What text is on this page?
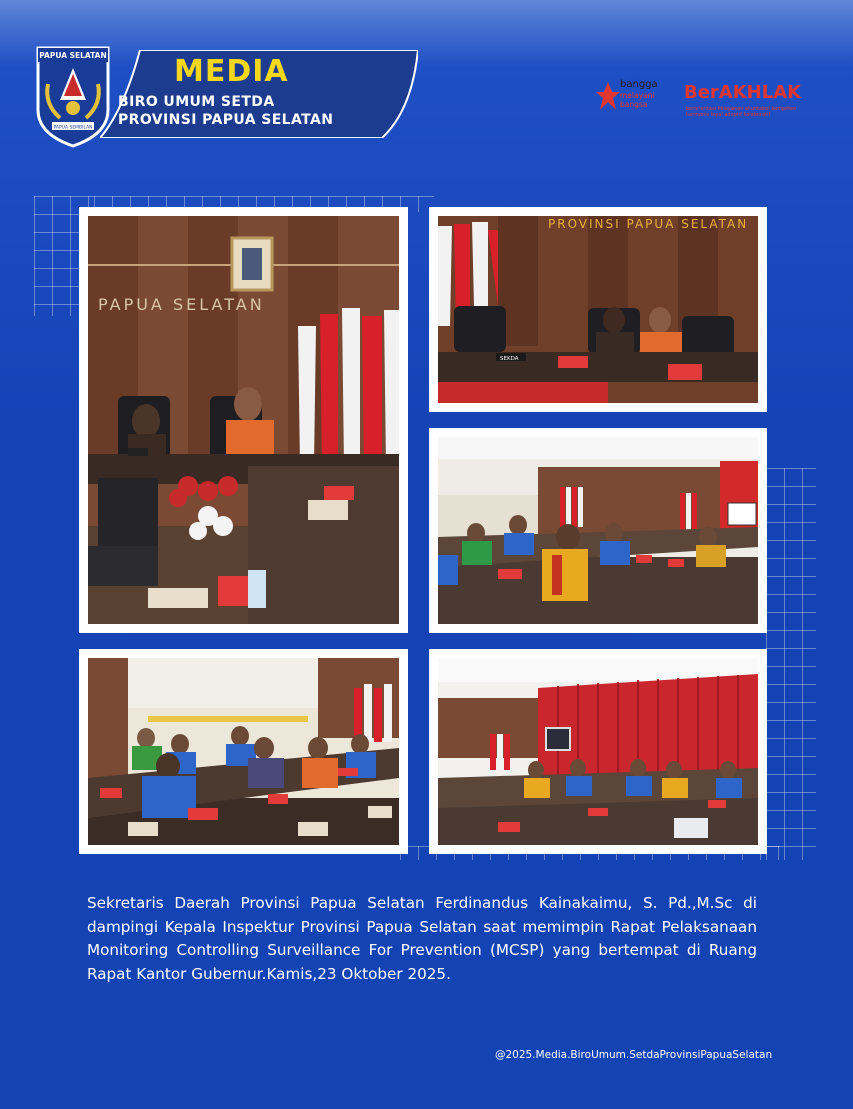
PAPUA SELATAN
PAPUA SEMBILAN
MEDIA
BIRO UMUM SETDA
PROVINSI PAPUA SELATAN
bangga
melayani bangsa
BerAKHLAK
berorientasi Pelayanan akuntabel kompeten harmonis loyal adaptif kolaboratif
PAPUA SELATAN
PROVINSI PAPUA SELATAN
SEKDA
Sekretaris Daerah Provinsi Papua Selatan Ferdinandus Kainakaimu, S. Pd.,M.Sc di dampingi Kepala Inspektur Provinsi Papua Selatan saat memimpin Rapat Pelaksanaan Monitoring Controlling Surveillance For Prevention (MCSP) yang bertempat di Ruang Rapat Kantor Gubernur.Kamis,23 Oktober 2025.
@2025.Media.BiroUmum.SetdaProvinsiPapuaSelatan
